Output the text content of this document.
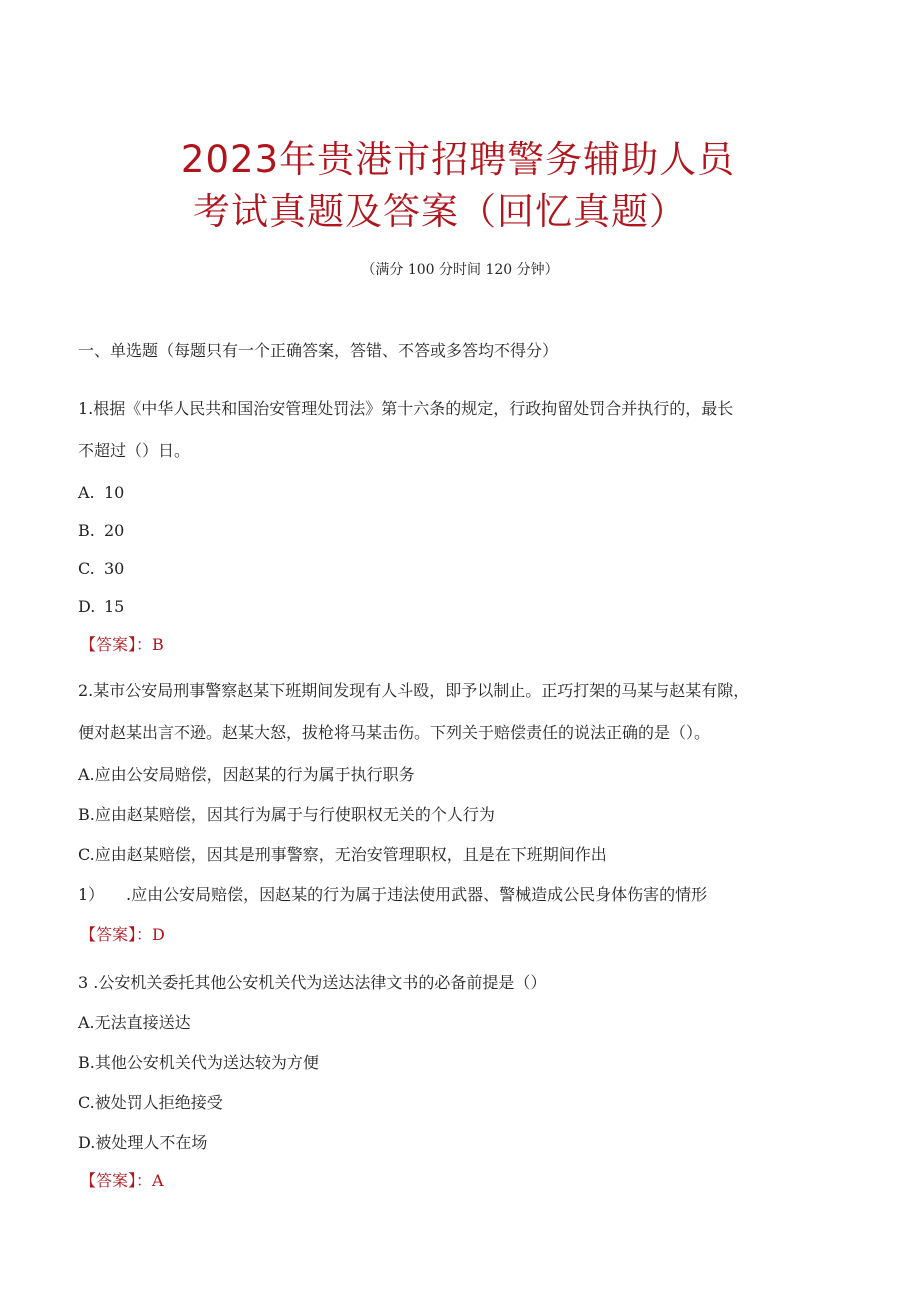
2023年贵港市招聘警务辅助人员
考试真题及答案（回忆真题）
（满分 100 分时间 120 分钟）
一、单选题（每题只有一个正确答案，答错、不答或多答均不得分）
1.根据《中华人民共和国治安管理处罚法》第十六条的规定，行政拘留处罚合并执行的，最长
不超过（）日。
A. 10
B. 20
C. 30
D. 15
【答案】：B
2.某市公安局刑事警察赵某下班期间发现有人斗殴，即予以制止。正巧打架的马某与赵某有隙，
便对赵某出言不逊。赵某大怒，拔枪将马某击伤。下列关于赔偿责任的说法正确的是（）。
A.应由公安局赔偿，因赵某的行为属于执行职务
B.应由赵某赔偿，因其行为属于与行使职权无关的个人行为
C.应由赵某赔偿，因其是刑事警察，无治安管理职权，且是在下班期间作出
1） .应由公安局赔偿，因赵某的行为属于违法使用武器、警械造成公民身体伤害的情形
【答案】：D
3 .公安机关委托其他公安机关代为送达法律文书的必备前提是（）
A.无法直接送达
B.其他公安机关代为送达较为方便
C.被处罚人拒绝接受
D.被处理人不在场
【答案】：A
